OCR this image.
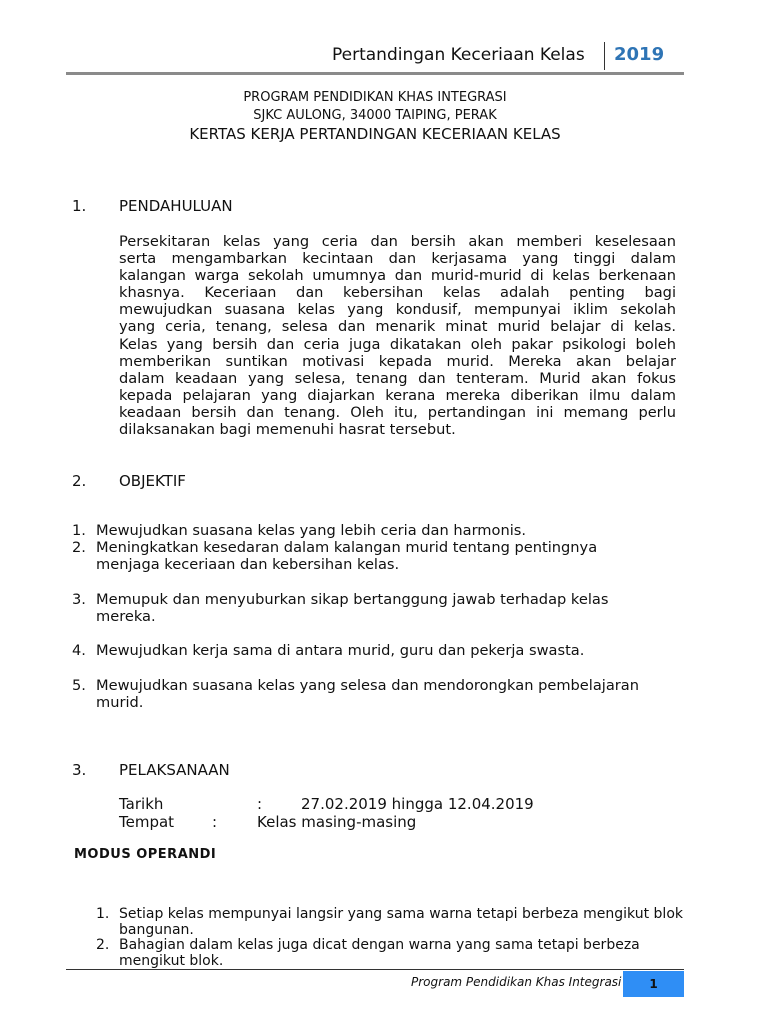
Pertandingan Keceriaan Kelas 2019
PROGRAM PENDIDIKAN KHAS INTEGRASI
SJKC AULONG, 34000 TAIPING, PERAK
KERTAS KERJA PERTANDINGAN KECERIAAN KELAS
1. PENDAHULUAN
Persekitaran kelas yang ceria dan bersih akan memberi keselesaan
serta mengambarkan kecintaan dan kerjasama yang tinggi dalam
kalangan warga sekolah umumnya dan murid-murid di kelas berkenaan
khasnya. Keceriaan dan kebersihan kelas adalah penting bagi
mewujudkan suasana kelas yang kondusif, mempunyai iklim sekolah
yang ceria, tenang, selesa dan menarik minat murid belajar di kelas.
Kelas yang bersih dan ceria juga dikatakan oleh pakar psikologi boleh
memberikan suntikan motivasi kepada murid. Mereka akan belajar
dalam keadaan yang selesa, tenang dan tenteram. Murid akan fokus
kepada pelajaran yang diajarkan kerana mereka diberikan ilmu dalam
keadaan bersih dan tenang. Oleh itu, pertandingan ini memang perlu
dilaksanakan bagi memenuhi hasrat tersebut.
2. OBJEKTIF
1. Mewujudkan suasana kelas yang lebih ceria dan harmonis.
2. Meningkatkan kesedaran dalam kalangan murid tentang pentingnya menjaga keceriaan dan kebersihan kelas.
3. Memupuk dan menyuburkan sikap bertanggung jawab terhadap kelas mereka.
4. Mewujudkan kerja sama di antara murid, guru dan pekerja swasta.
5. Mewujudkan suasana kelas yang selesa dan mendorongkan pembelajaran murid.
3. PELAKSANAAN
Tarikh	:	27.02.2019 hingga 12.04.2019
Tempat	:	Kelas masing-masing
MODUS OPERANDI
1. Setiap kelas mempunyai langsir yang sama warna tetapi berbeza mengikut blok bangunan.
2. Bahagian dalam kelas juga dicat dengan warna yang sama tetapi berbeza mengikut blok.
Program Pendidikan Khas Integrasi	1
